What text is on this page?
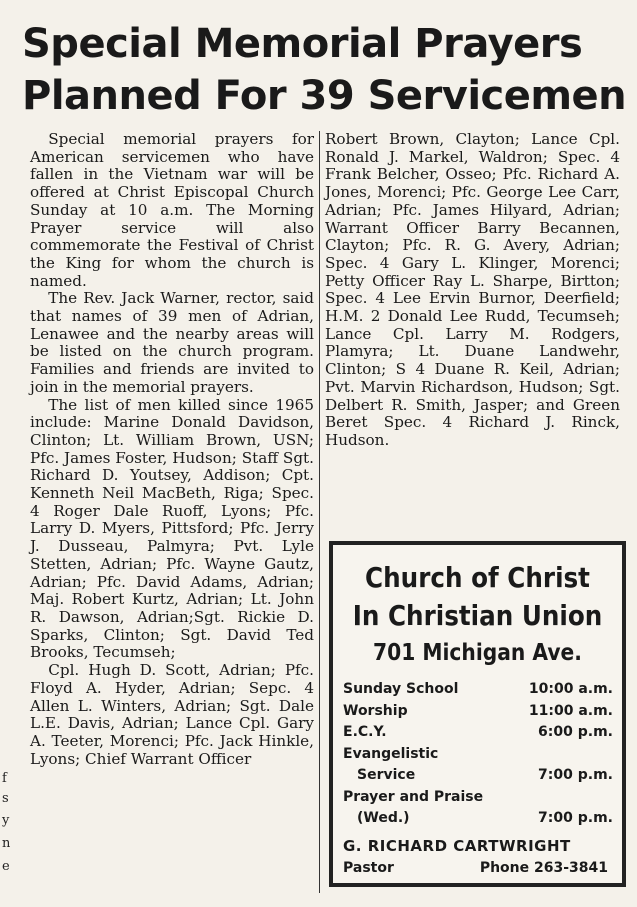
Special Memorial Prayers
Planned For 39 Servicemen

Special memorial prayers for American servicemen who have fallen in the Vietnam war will be offered at Christ Episcopal Church Sunday at 10 a.m. The Morning Prayer service will also commemorate the Festival of Christ the King for whom the church is named.

The Rev. Jack Warner, rector, said that names of 39 men of Adrian, Lenawee and the nearby areas will be listed on the church program. Families and friends are invited to join in the memorial prayers.

The list of men killed since 1965 include: Marine Donald Davidson, Clinton; Lt. William Brown, USN; Pfc. James Foster, Hudson; Staff Sgt. Richard D. Youtsey, Addison; Cpt. Kenneth Neil MacBeth, Riga; Spec. 4 Roger Dale Ruoff, Lyons; Pfc. Larry D. Myers, Pittsford; Pfc. Jerry J. Dusseau, Palmyra; Pvt. Lyle Stetten, Adrian; Pfc. Wayne Gautz, Adrian; Pfc. David Adams, Adrian; Maj. Robert Kurtz, Adrian; Lt. John R. Dawson, Adrian;Sgt. Rickie D. Sparks, Clinton; Sgt. David Ted Brooks, Tecumseh;

Cpl. Hugh D. Scott, Adrian; Pfc. Floyd A. Hyder, Adrian; Sepc. 4 Allen L. Winters, Adrian; Sgt. Dale L.E. Davis, Adrian; Lance Cpl. Gary A. Teeter, Morenci; Pfc. Jack Hinkle, Lyons; Chief Warrant Officer

Robert Brown, Clayton; Lance Cpl. Ronald J. Markel, Waldron; Spec. 4 Frank Belcher, Osseo; Pfc. Richard A. Jones, Morenci; Pfc. George Lee Carr, Adrian; Pfc. James Hilyard, Adrian; Warrant Officer Barry Becannen, Clayton; Pfc. R. G. Avery, Adrian; Spec. 4 Gary L. Klinger, Morenci; Petty Officer Ray L. Sharpe, Birtton; Spec. 4 Lee Ervin Burnor, Deerfield; H.M. 2 Donald Lee Rudd, Tecumseh; Lance Cpl. Larry M. Rodgers, Plamyra; Lt. Duane Landwehr, Clinton; S 4 Duane R. Keil, Adrian; Pvt. Marvin Richardson, Hudson; Sgt. Delbert R. Smith, Jasper; and Green Beret Spec. 4 Richard J. Rinck, Hudson.

Church of Christ
In Christian Union
701 Michigan Ave.
Sunday School	10:00 a.m.
Worship	11:00 a.m.
E.C.Y.	6:00 p.m.
Evangelistic
Service	7:00 p.m.
Prayer and Praise
(Wed.)	7:00 p.m.
G. RICHARD CARTWRIGHT
Pastor	Phone 263-3841
f
s
y
n
e
